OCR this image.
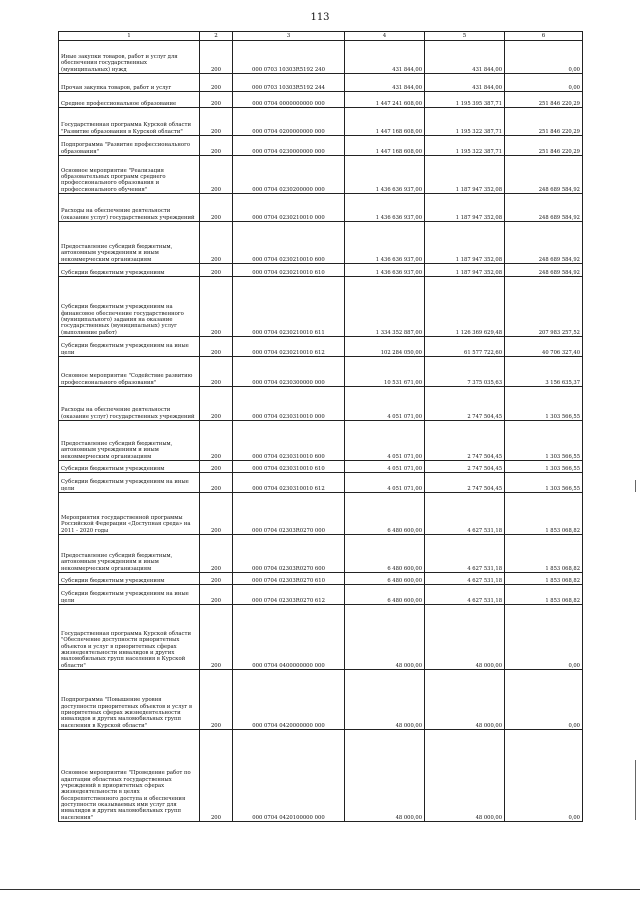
113
1	2	3	4	5	6
Иные закупки товаров, работ и услуг для обеспечения государственных (муниципальных) нужд	200	000 0703 10303R5192 240	431 844,00	431 844,00	0,00
Прочая закупка товаров, работ и услуг	200	000 0703 10303R5192 244	431 844,00	431 844,00	0,00
Среднее профессиональное образование	200	000 0704 0000000000 000	1 447 241 608,00	1 195 395 387,71	251 846 220,29
Государственная программа Курской области "Развитие образования в Курской области"	200	000 0704 0200000000 000	1 447 168 608,00	1 195 322 387,71	251 846 220,29
Подпрограмма "Развитие профессионального образования"	200	000 0704 0230000000 000	1 447 168 608,00	1 195 322 387,71	251 846 220,29
Основное мероприятие "Реализация образовательных программ среднего профессионального образования и профессионального обучения"	200	000 0704 0230200000 000	1 436 636 937,00	1 187 947 352,08	248 689 584,92
Расходы на обеспечение деятельности (оказание услуг) государственных учреждений	200	000 0704 0230210010 000	1 436 636 937,00	1 187 947 352,08	248 689 584,92
Предоставление субсидий бюджетным, автономным учреждениям и иным некоммерческим организациям	200	000 0704 0230210010 600	1 436 636 937,00	1 187 947 352,08	248 689 584,92
Субсидии бюджетным учреждениям	200	000 0704 0230210010 610	1 436 636 937,00	1 187 947 352,08	248 689 584,92
Субсидии бюджетным учреждениям на финансовое обеспечение государственного (муниципального) задания на оказание государственных (муниципальных) услуг (выполнение работ)	200	000 0704 0230210010 611	1 334 352 887,00	1 126 369 629,48	207 983 257,52
Субсидии бюджетным учреждениям на иные цели	200	000 0704 0230210010 612	102 284 050,00	61 577 722,60	40 706 327,40
Основное мероприятие "Содействие развитию профессионального образования"	200	000 0704 0230300000 000	10 531 671,00	7 375 035,63	3 156 635,37
Расходы на обеспечение деятельности (оказание услуг) государственных учреждений	200	000 0704 0230310010 000	4 051 071,00	2 747 504,45	1 303 566,55
Предоставление субсидий бюджетным, автономным учреждениям и иным некоммерческим организациям	200	000 0704 0230310010 600	4 051 071,00	2 747 504,45	1 303 566,55
Субсидии бюджетным учреждениям	200	000 0704 0230310010 610	4 051 071,00	2 747 504,45	1 303 566,55
Субсидии бюджетным учреждениям на иные цели	200	000 0704 0230310010 612	4 051 071,00	2 747 504,45	1 303 566,55
Мероприятия государственной программы Российской Федерации «Доступная среда» на 2011 - 2020 годы	200	000 0704 02303R0270 000	6 480 600,00	4 627 531,18	1 853 068,82
Предоставление субсидий бюджетным, автономным учреждениям и иным некоммерческим организациям	200	000 0704 02303R0270 600	6 480 600,00	4 627 531,18	1 853 068,82
Субсидии бюджетным учреждениям	200	000 0704 02303R0270 610	6 480 600,00	4 627 531,18	1 853 068,82
Субсидии бюджетным учреждениям на иные цели	200	000 0704 02303R0270 612	6 480 600,00	4 627 531,18	1 853 068,82
Государственная программа Курской области "Обеспечение доступности приоритетных объектов и услуг в приоритетных сферах жизнедеятельности инвалидов и других маломобильных групп населения в Курской области"	200	000 0704 0400000000 000	48 000,00	48 000,00	0,00
Подпрограмма "Повышение уровня доступности приоритетных объектов и услуг в приоритетных сферах жизнедеятельности инвалидов и других маломобильных групп населения в Курской области"	200	000 0704 0420000000 000	48 000,00	48 000,00	0,00
Основное мероприятие "Проведение работ по адаптации областных государственных учреждений в приоритетных сферах жизнедеятельности в целях беспрепятственного доступа и обеспечения доступности оказываемых ими услуг для инвалидов и других маломобильных групп населения"	200	000 0704 0420100000 000	48 000,00	48 000,00	0,00
